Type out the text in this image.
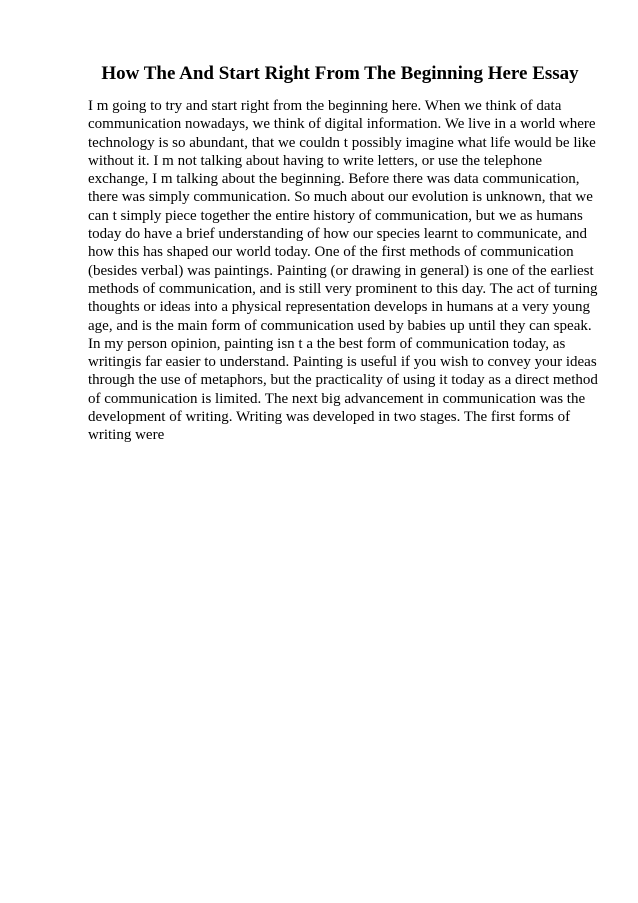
How The And Start Right From The Beginning Here Essay
I m going to try and start right from the beginning here. When we think of data
communication nowadays, we think of digital information. We live in a world where
technology is so abundant, that we couldn t possibly imagine what life would be like
without it. I m not talking about having to write letters, or use the telephone
exchange, I m talking about the beginning. Before there was data communication,
there was simply communication. So much about our evolution is unknown, that we
can t simply piece together the entire history of communication, but we as humans
today do have a brief understanding of how our species learnt to communicate, and
how this has shaped our world today. One of the first methods of communication
(besides verbal) was paintings. Painting (or drawing in general) is one of the earliest
methods of communication, and is still very prominent to this day. The act of turning
thoughts or ideas into a physical representation develops in humans at a very young
age, and is the main form of communication used by babies up until they can speak.
In my person opinion, painting isn t a the best form of communication today, as
writingis far easier to understand. Painting is useful if you wish to convey your ideas
through the use of metaphors, but the practicality of using it today as a direct method
of communication is limited. The next big advancement in communication was the
development of writing. Writing was developed in two stages. The first forms of
writing were
